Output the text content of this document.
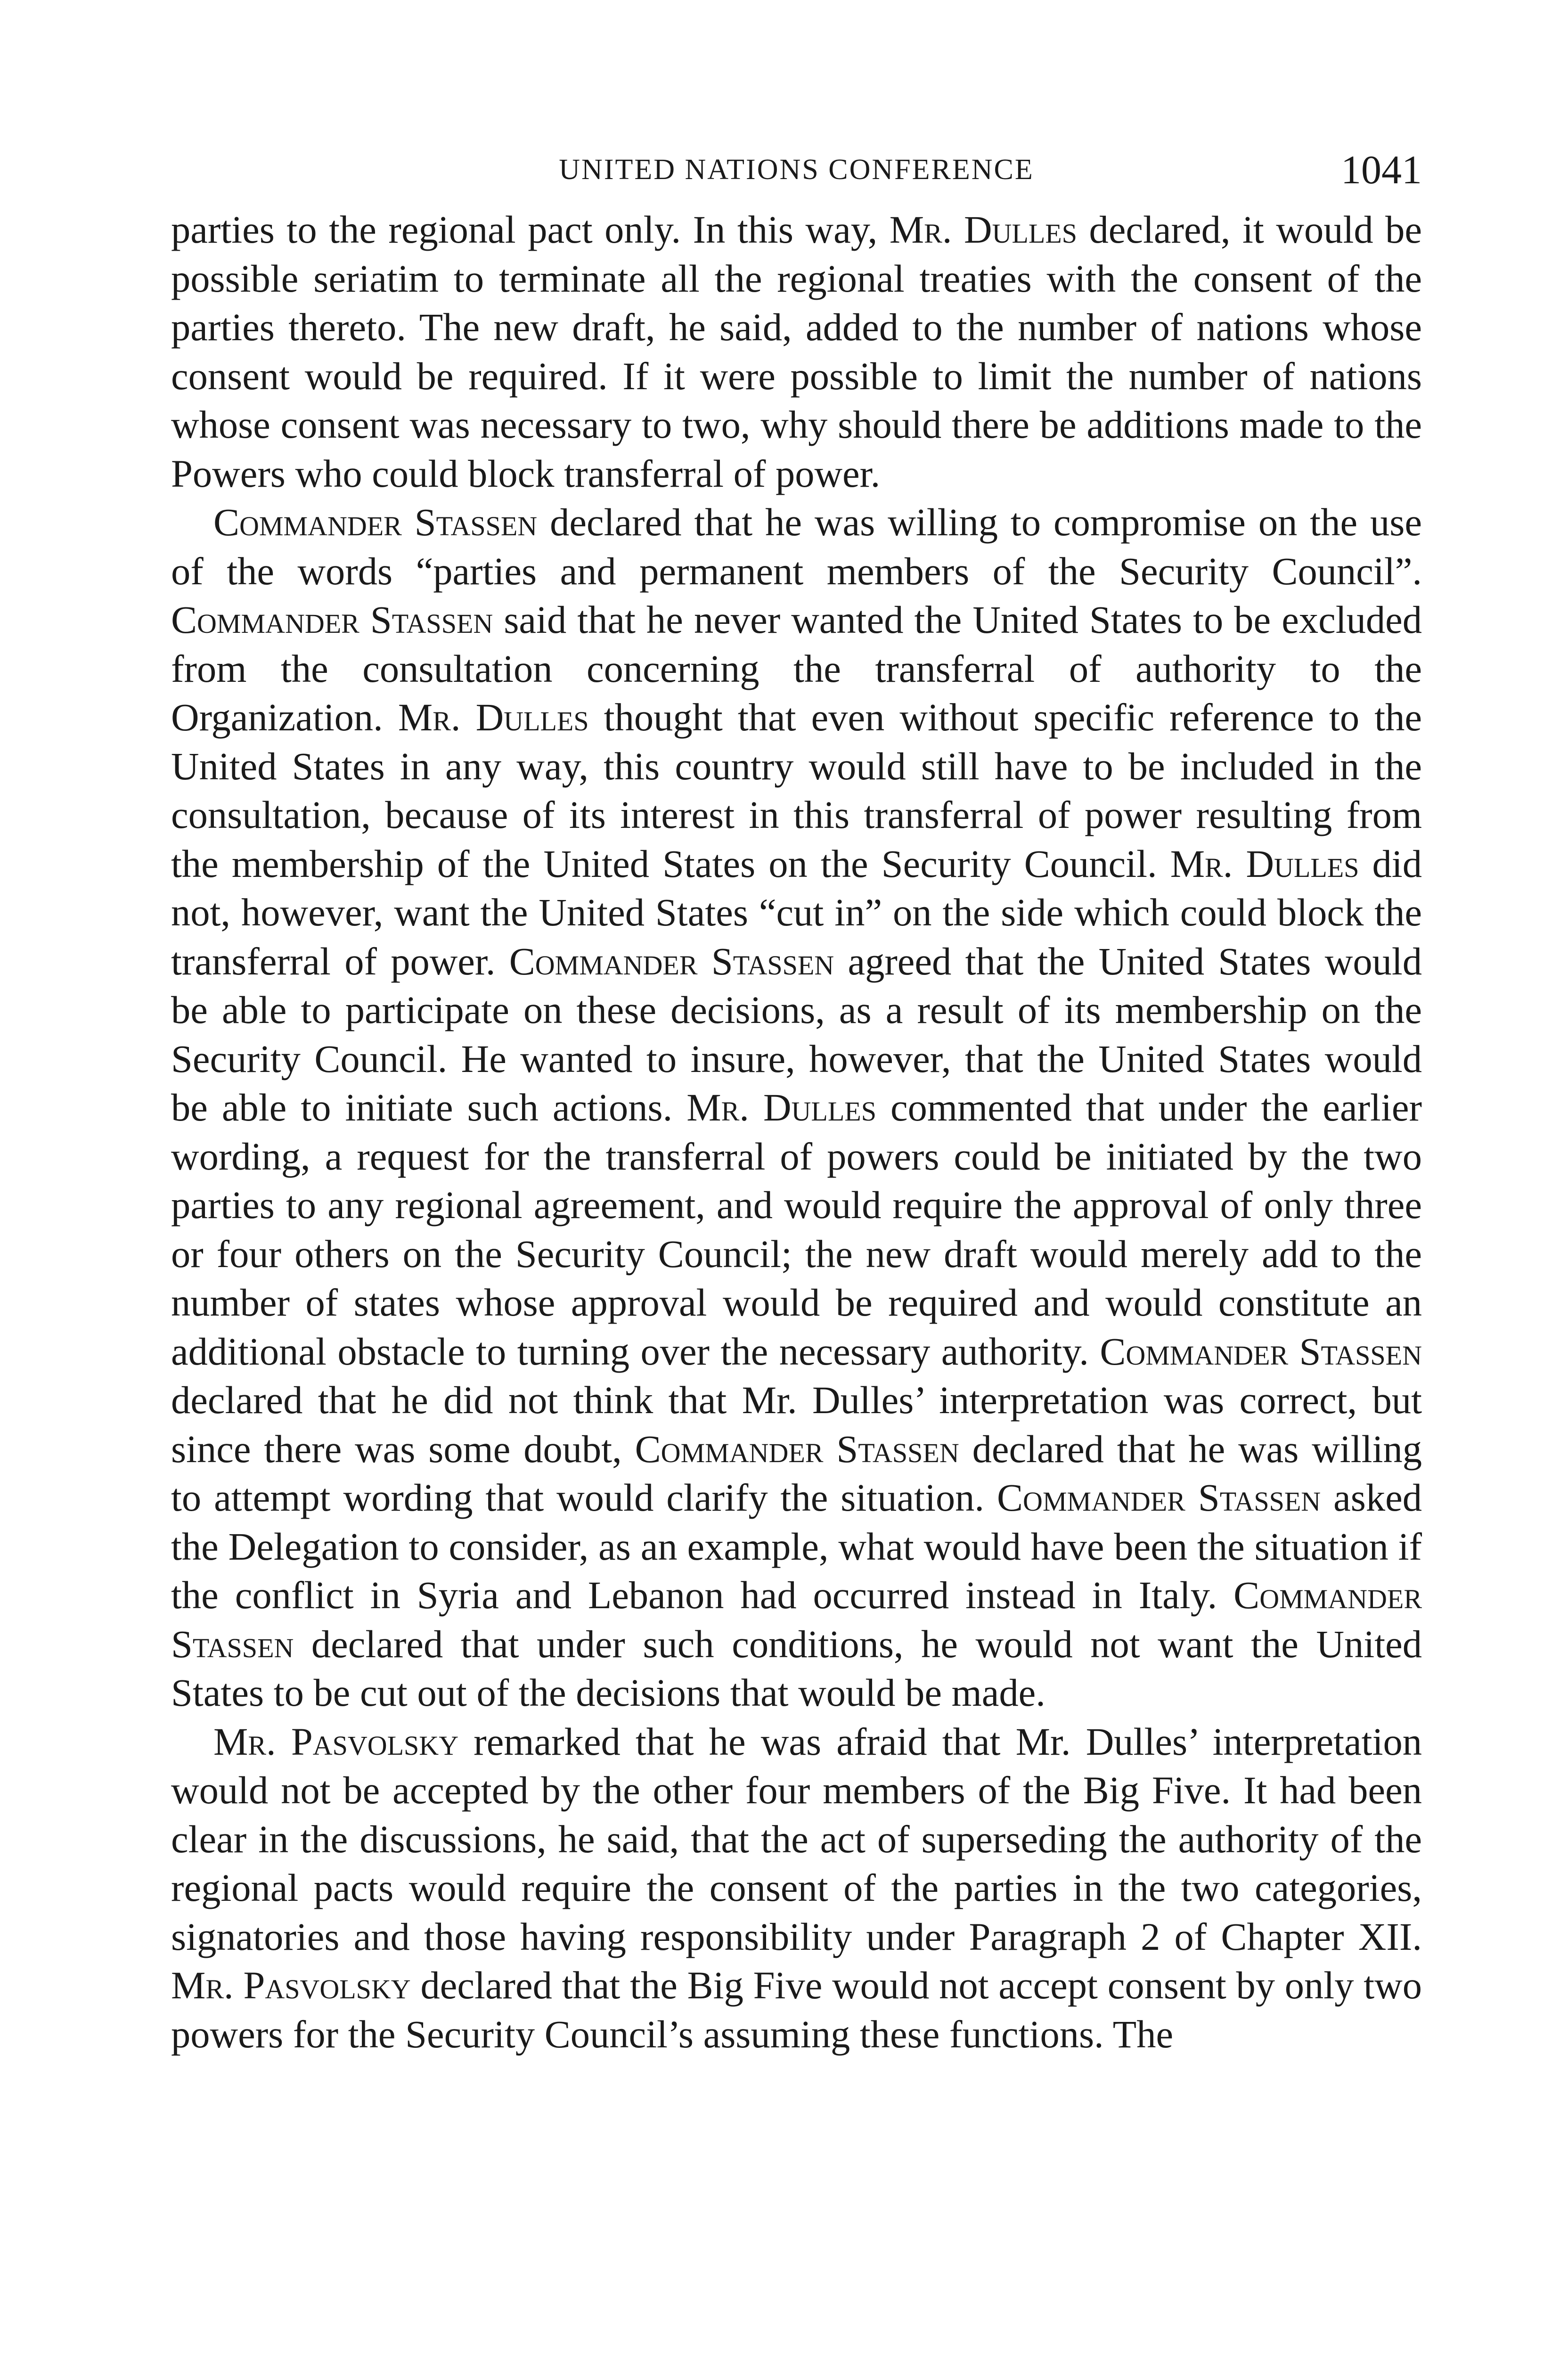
UNITED NATIONS CONFERENCE	1041

parties to the regional pact only. In this way, Mr. Dulles declared, it would be possible seriatim to terminate all the regional treaties with the consent of the parties thereto. The new draft, he said, added to the number of nations whose consent would be required. If it were possible to limit the number of nations whose consent was necessary to two, why should there be additions made to the Powers who could block transferral of power.

Commander Stassen declared that he was willing to compromise on the use of the words “parties and permanent members of the Security Council”. Commander Stassen said that he never wanted the United States to be excluded from the consultation concerning the transferral of authority to the Organization. Mr. Dulles thought that even without specific reference to the United States in any way, this country would still have to be included in the consultation, because of its interest in this transferral of power resulting from the membership of the United States on the Security Council. Mr. Dulles did not, however, want the United States “cut in” on the side which could block the transferral of power. Commander Stassen agreed that the United States would be able to participate on these decisions, as a result of its membership on the Security Council. He wanted to insure, however, that the United States would be able to initiate such actions. Mr. Dulles commented that under the earlier wording, a request for the transferral of powers could be initiated by the two parties to any regional agreement, and would require the approval of only three or four others on the Security Council; the new draft would merely add to the number of states whose approval would be required and would constitute an additional obstacle to turning over the necessary authority. Commander Stassen declared that he did not think that Mr. Dulles’ interpretation was correct, but since there was some doubt, Commander Stassen declared that he was willing to attempt wording that would clarify the situation. Commander Stassen asked the Delegation to consider, as an example, what would have been the situation if the conflict in Syria and Lebanon had occurred instead in Italy. Commander Stassen declared that under such conditions, he would not want the United States to be cut out of the decisions that would be made.

Mr. Pasvolsky remarked that he was afraid that Mr. Dulles’ interpretation would not be accepted by the other four members of the Big Five. It had been clear in the discussions, he said, that the act of superseding the authority of the regional pacts would require the consent of the parties in the two categories, signatories and those having responsibility under Paragraph 2 of Chapter XII. Mr. Pasvolsky declared that the Big Five would not accept consent by only two powers for the Security Council’s assuming these functions. The
